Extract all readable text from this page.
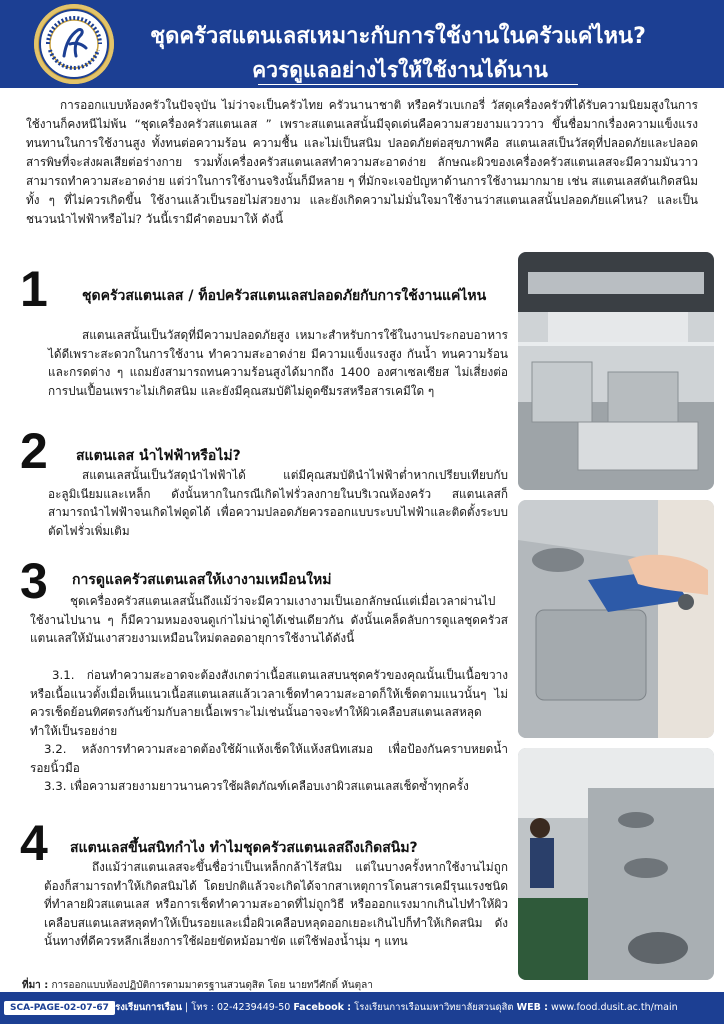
ชุดครัวสแตนเลสเหมาะกับการใช้งานในครัวแค่ไหน?
ควรดูแลอย่างไรให้ใช้งานได้นาน
การออกแบบห้องครัวในปัจจุบัน ไม่ว่าจะเป็นครัวไทย ครัวนานาชาติ หรือครัวเบเกอรี่ วัสดุเครื่องครัวที่ได้รับความนิยมสูงในการใช้งานก็คงหนีไม่พ้น “ชุดเครื่องครัวสแตนเลส ” เพราะสแตนเลสนั้นมีจุดเด่นคือความสวยงามแวววาว ขึ้นชื่อมากเรื่องความแข็งแรงทนทานในการใช้งานสูง ทั้งทนต่อความร้อน ความชื้น และไม่เป็นสนิม ปลอดภัยต่อสุขภาพคือ สแตนเลสเป็นวัสดุที่ปลอดภัยและปลอดสารพิษที่จะส่งผลเสียต่อร่างกาย รวมทั้งเครื่องครัวสแตนเลสทำความสะอาดง่าย ลักษณะผิวของเครื่องครัวสแตนเลสจะมีความมันวาว สามารถทำความสะอาดง่าย แต่ว่าในการใช้งานจริงนั้นก็มีหลาย ๆ ที่มักจะเจอปัญหาด้านการใช้งานมากมาย เช่น สแตนเลสดันเกิดสนิมทั้ง ๆ ที่ไม่ควรเกิดขึ้น ใช้งานแล้วเป็นรอยไม่สวยงาม และยังเกิดความไม่มั่นใจมาใช้งานว่าสแตนเลสนั้นปลอดภัยแค่ไหน? และเป็นชนวนนำไฟฟ้าหรือไม่? วันนี้เรามีคำตอบมาให้ ดังนี้
1 ชุดครัวสแตนเลส / ท็อปครัวสแตนเลสปลอดภัยกับการใช้งานแค่ไหน
สแตนเลสนั้นเป็นวัสดุที่มีความปลอดภัยสูง เหมาะสำหรับการใช้ในงานประกอบอาหารได้ดีเพราะสะดวกในการใช้งาน ทำความสะอาดง่าย มีความแข็งแรงสูง กันน้ำ ทนความร้อนและกรดต่าง ๆ แถมยังสามารถทนความร้อนสูงได้มากถึง 1400 องศาเซลเซียส ไม่เสี่ยงต่อการปนเปื้อนเพราะไม่เกิดสนิม และยังมีคุณสมบัติไม่ดูดซึมรสหรือสารเคมีใด ๆ
2 สแตนเลส นำไฟฟ้าหรือไม่?
สแตนเลสนั้นเป็นวัสดุนำไฟฟ้าได้ แต่มีคุณสมบัตินำไฟฟ้าต่ำหากเปรียบเทียบกับอะลูมิเนียมและเหล็ก ดังนั้นหากในกรณีเกิดไฟรั่วลงกายในบริเวณห้องครัว สแตนเลสก็สามารถนำไฟฟ้าจนเกิดไฟดูดได้ เพื่อความปลอดภัยควรออกแบบระบบไฟฟ้าและติดตั้งระบบตัดไฟรั่วเพิ่มเติม
3 การดูแลครัวสแตนเลสให้เงางามเหมือนใหม่
ชุดเครื่องครัวสแตนเลสนั้นถึงแม้ว่าจะมีความเงางามเป็นเอกลักษณ์แต่เมื่อเวลาผ่านไปใช้งานไปนาน ๆ ก็มีความหมองจนดูเก่าไม่น่าดูได้เช่นเดียวกัน ดังนั้นเคล็ดลับการดูแลชุดครัวสแตนเลสให้มันเงาสวยงามเหมือนใหม่ตลอดอายุการใช้งานได้ดังนี้
3.1. ก่อนทำความสะอาดจะต้องสังเกตว่าเนื้อสแตนเลสบนชุดครัวของคุณนั้นเป็นเนื้อขวางหรือเนื้อแนวตั้งเมื่อเห็นแนวเนื้อสแตนเลสแล้วเวลาเช็ดทำความสะอาดก็ให้เช็ดตามแนวนั้นๆ ไม่ควรเช็ดย้อนทิศตรงกันข้ามกับลายเนื้อเพราะไม่เช่นนั้นอาจจะทำให้ผิวเคลือบสแตนเลสหลุดทำให้เป็นรอยง่าย
3.2. หลังการทำความสะอาดต้องใช้ผ้าแห้งเช็ดให้แห้งสนิทเสมอ เพื่อป้องกันคราบหยดน้ำ รอยนิ้วมือ
3.3. เพื่อความสวยงามยาวนานควรใช้ผลิตภัณฑ์เคลือบเงาผิวสแตนเลสเช็ดซ้ำทุกครั้ง
4 สแตนเลสขึ้นสนิทกำไง ทำไมชุดครัวสแตนเลสถึงเกิดสนิม?
ถึงแม้ว่าสแตนเลสจะขึ้นชื่อว่าเป็นเหล็กกล้าไร้สนิม แต่ในบางครั้งหากใช้งานไม่ถูกต้องก็สามารถทำให้เกิดสนิมได้ โดยปกติแล้วจะเกิดได้จากสาเหตุการโดนสารเคมีรุนแรงชนิดที่ทำลายผิวสแตนเลส หรือการเช็ดทำความสะอาดที่ไม่ถูกวิธี หรือออกแรงมากเกินไปทำให้ผิวเคลือบสแตนเลสหลุดทำให้เป็นรอยและเมื่อผิวเคลือบหลุดออกเยอะเกินไปก็ทำให้เกิดสนิม ดังนั้นทางที่ดีควรหลีกเลี่ยงการใช้ฝอยขัดหม้อมาขัด แต่ใช้ฟองน้ำนุ่ม ๆ แทน
ที่มา : การออกแบบห้องปฏิบัติการตามมาตรฐานสวนดุสิต โดย นายทวีศักดิ์ หันตุลา
SCA-PAGE-02-07-67 โรงเรียนการเรือน | โทร : 02-4239449-50 Facebook : โรงเรียนการเรือนมหาวิทยาลัยสวนดุสิต WEB : www.food.dusit.ac.th/main
